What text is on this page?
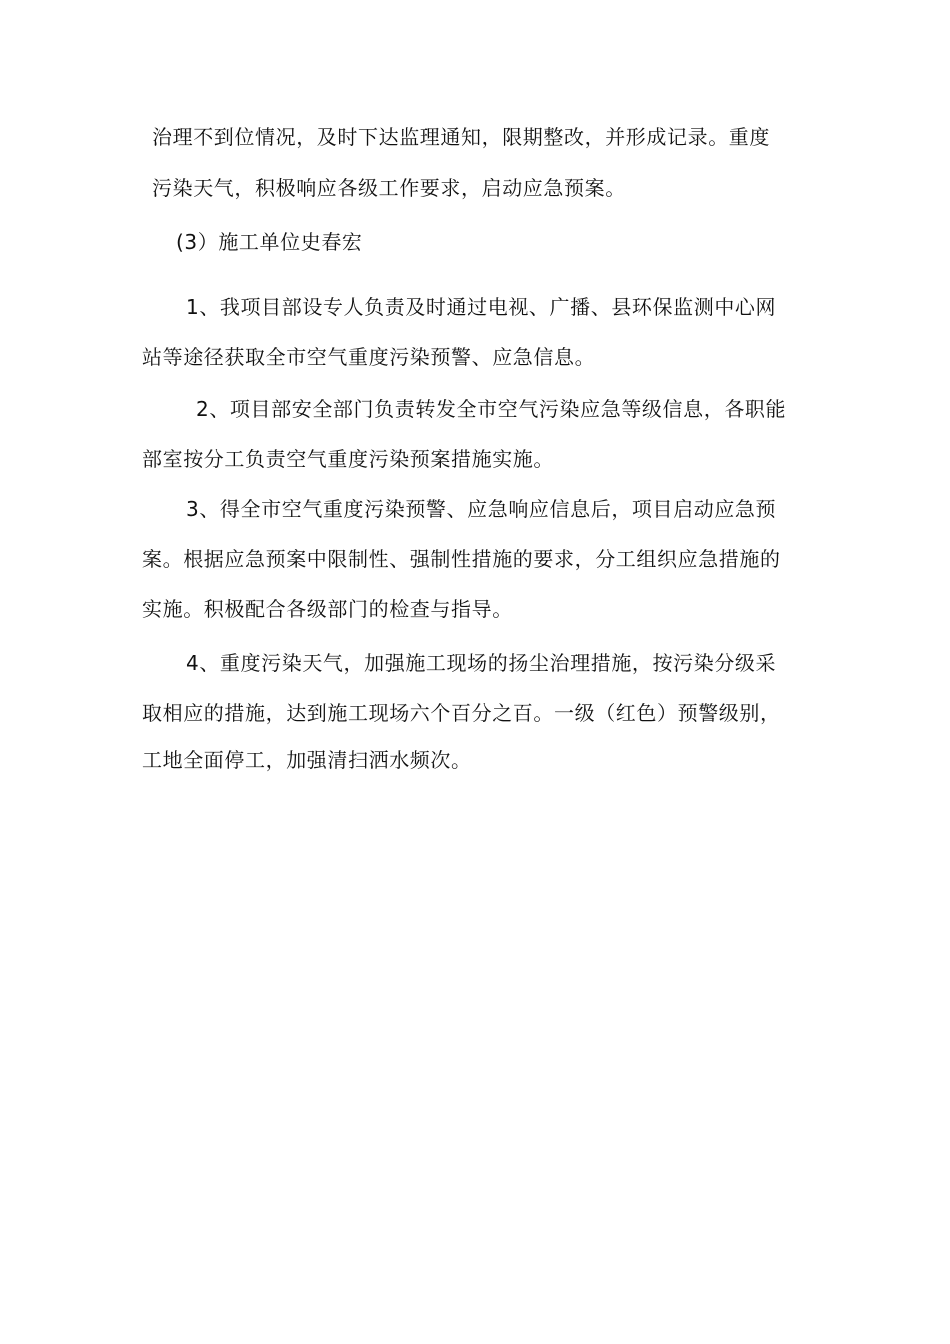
治理不到位情况，及时下达监理通知，限期整改，并形成记录。重度
污染天气，积极响应各级工作要求，启动应急预案。
(3）施工单位史春宏
1、我项目部设专人负责及时通过电视、广播、县环保监测中心网
站等途径获取全市空气重度污染预警、应急信息。
2、项目部安全部门负责转发全市空气污染应急等级信息，各职能
部室按分工负责空气重度污染预案措施实施。
3、得全市空气重度污染预警、应急响应信息后，项目启动应急预
案。根据应急预案中限制性、强制性措施的要求，分工组织应急措施的
实施。积极配合各级部门的检查与指导。
4、重度污染天气，加强施工现场的扬尘治理措施，按污染分级采
取相应的措施，达到施工现场六个百分之百。一级（红色）预警级别，
工地全面停工，加强清扫洒水频次。
